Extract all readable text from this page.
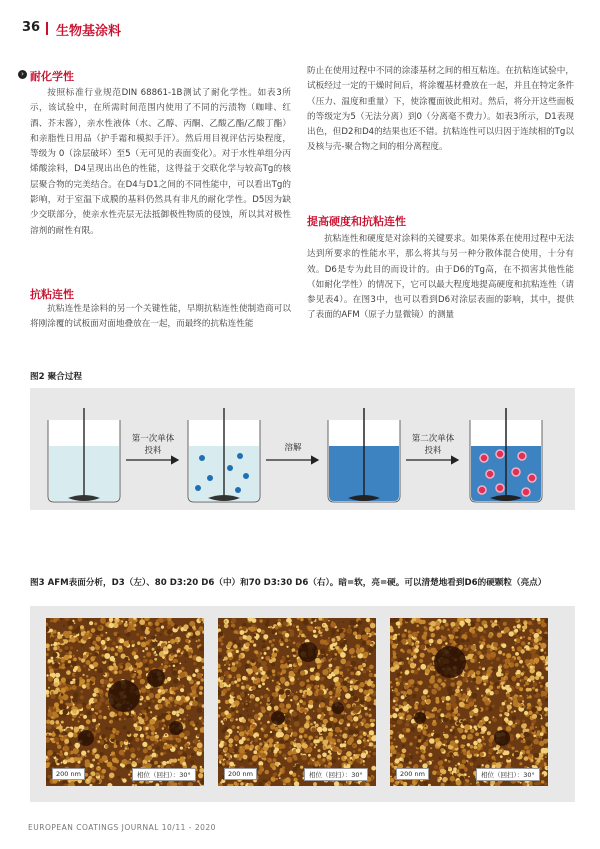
36 生物基涂料
› 耐化学性

按照标准行业规范DIN 68861-1B测试了耐化学性。如表3所示，该试验中，在所需时间范围内使用了不同的污渍物（咖啡、红酒、芥末酱），亲水性液体（水、乙醇、丙酮、乙酸乙酯/乙酸丁酯）和亲脂性日用品（护手霜和模拟手汗）。然后用目视评估污染程度，等级为 0（涂层破坏）至5（无可见的表面变化）。对于水性单组分丙烯酸涂料，D4呈现出出色的性能，这得益于交联化学与较高Tg的核层聚合物的完美结合。在D4与D1之间的不同性能中，可以看出Tg的影响，对于室温下成膜的基料仍然具有非凡的耐化学性。D5因为缺少交联部分，使亲水性壳层无法抵御极性物质的侵蚀，所以其对极性溶剂的耐性有限。

抗粘连性

抗粘连性是涂料的另一个关键性能，早期抗粘连性使制造商可以将刚涂覆的试板面对面地叠放在一起，而最终的抗粘连性能

防止在使用过程中不同的涂漆基材之间的相互粘连。在抗粘连试验中，试板经过一定的干燥时间后，将涂覆基材叠放在一起，并且在特定条件（压力、温度和重量）下，使涂覆面彼此相对。然后，将分开这些面板的等级定为5（无法分离）到0（分离毫不费力）。如表3所示，D1表现出色，但D2和D4的结果也还不错。抗粘连性可以归因于连续相的Tg以及核与壳-聚合物之间的相分离程度。

提高硬度和抗粘连性

抗粘连性和硬度是对涂料的关键要求。如果体系在使用过程中无法达到所要求的性能水平，那么将其与另一种分散体混合使用，十分有效。D6是专为此目的而设计的。由于D6的Tg高，在不损害其他性能（如耐化学性）的情况下，它可以最大程度地提高硬度和抗粘连性（请参见表4）。在图3中，也可以看到D6对涂层表面的影响，其中，提供了表面的AFM（原子力显微镜）的测量

图2 聚合过程
第一次单体
投料	溶解
第二次单体
投料
图3 AFM表面分析，D3（左）、80 D3:20 D6（中）和70 D3:30 D6（右）。暗=软，亮=硬。可以清楚地看到D6的硬颗粒（亮点）
200 nm	相位（回扫）：30°	200 nm	相位（回扫）：30°	200 nm	相位（回扫）：30°
EUROPEAN COATINGS JOURNAL 10/11 - 2020
